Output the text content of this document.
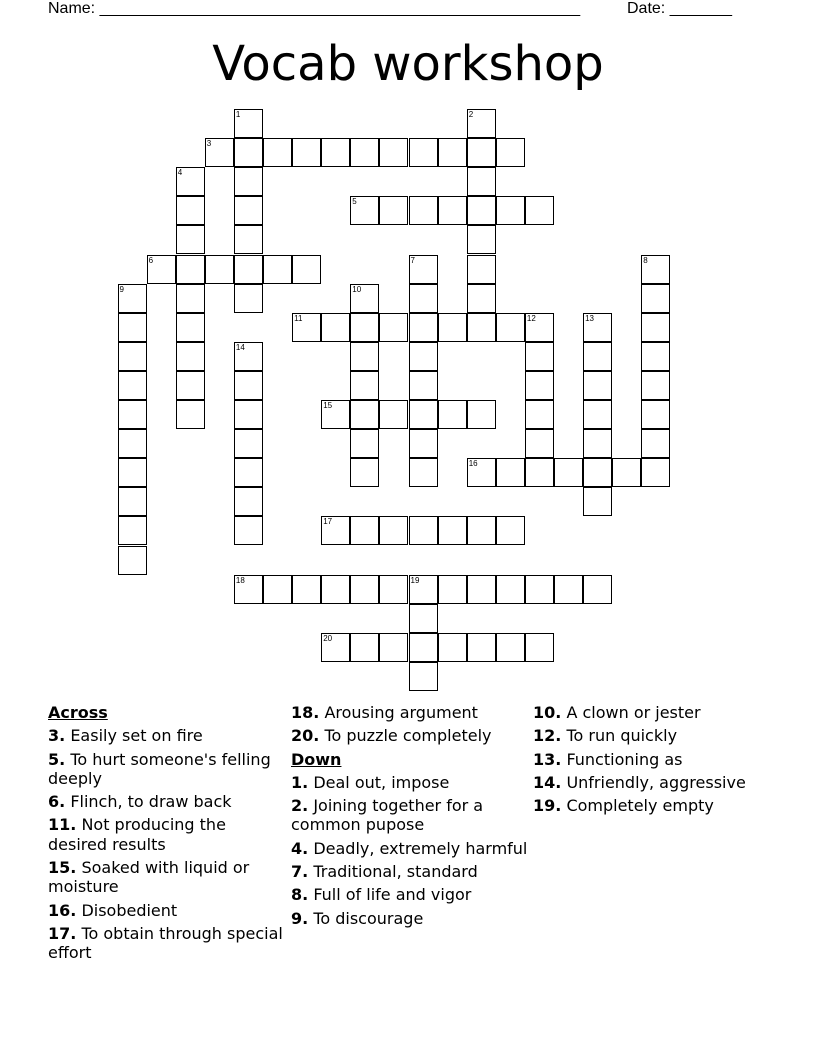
Name: ______________________________________________________	Date: _______
Vocab workshop
1	2
3
4
5
6	7	8
9	10
11	12	13
14
15
16
17
18	19
20
Across
3. Easily set on fire
5. To hurt someone's felling deeply
6. Flinch, to draw back
11. Not producing the desired results
15. Soaked with liquid or moisture
16. Disobedient
17. To obtain through special effort
18. Arousing argument
20. To puzzle completely
Down
1. Deal out, impose
2. Joining together for a common pupose
4. Deadly, extremely harmful
7. Traditional, standard
8. Full of life and vigor
9. To discourage
10. A clown or jester
12. To run quickly
13. Functioning as
14. Unfriendly, aggressive
19. Completely empty
